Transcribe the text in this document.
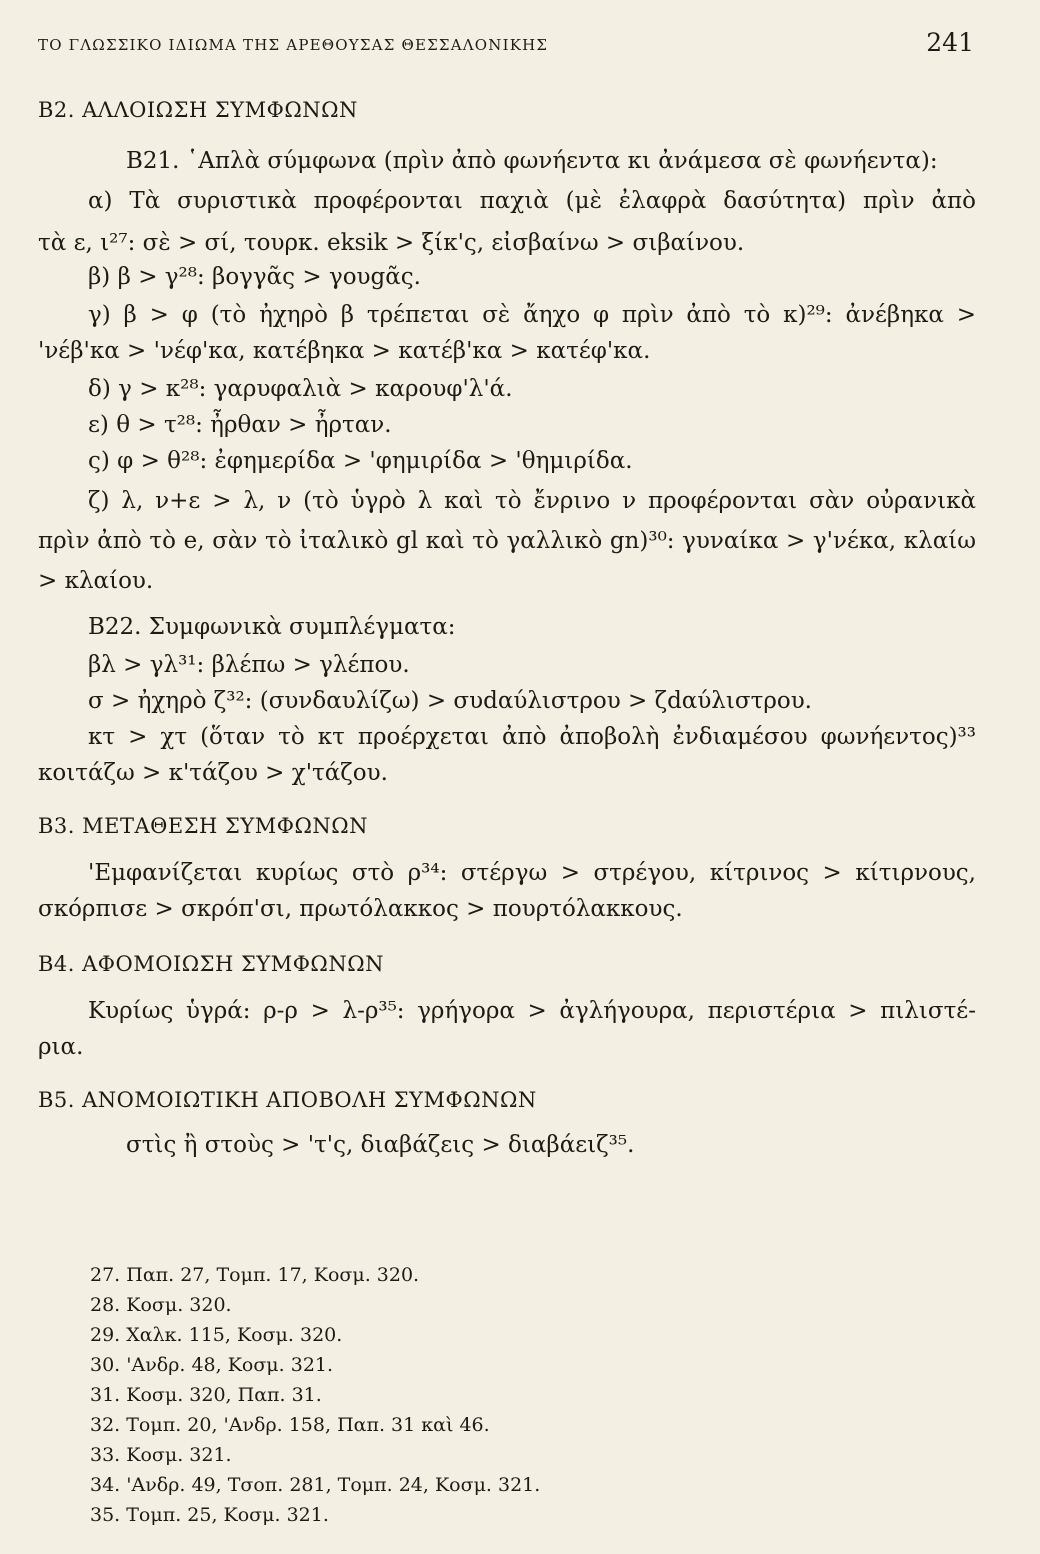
ΤΟ ΓΛΩΣΣΙΚΟ ΙΔΙΩΜΑ ΤΗΣ ΑΡΕΘΟΥΣΑΣ ΘΕΣΣΑΛΟΝΙΚΗΣ	241
Β2. ΑΛΛΟΙΩΣΗ ΣΥΜΦΩΝΩΝ
Β21. ῾Απλὰ σύμφωνα (πρὶν ἀπὸ φωνήεντα κι ἀνάμεσα σὲ φωνήεντα):
α) Τὰ συριστικὰ προφέρονται παχιὰ (μὲ ἐλαφρὰ δασύτητα) πρὶν ἀπὸ
τὰ ε, ι²⁷: σὲ > σί, τουρκ. eksik > ξίκ'ς, εἰσβαίνω > σιβαίνου.
β) β > γ²⁸: βογγᾶς > γουgᾶς.
γ) β > φ (τὸ ἠχηρὸ β τρέπεται σὲ ἄηχο φ πρὶν ἀπὸ τὸ κ)²⁹: ἀνέβηκα >
'νέβ'κα > 'νέφ'κα, κατέβηκα > κατέβ'κα > κατέφ'κα.
δ) γ > κ²⁸: γαρυφαλιὰ > καρουφ'λ'ά.
ε) θ > τ²⁸: ἦρθαν > ἦρταν.
ς) φ > θ²⁸: ἐφημερίδα > 'φημιρίδα > 'θημιρίδα.
ζ) λ, ν+ε > λ, ν (τὸ ὑγρὸ λ καὶ τὸ ἔνρινο ν προφέρονται σὰν οὐρανικὰ
πρὶν ἀπὸ τὸ e, σὰν τὸ ἰταλικὸ gl καὶ τὸ γαλλικὸ gn)³⁰: γυναίκα > γ'νέκα, κλαίω
> κλαίου.
Β22. Συμφωνικὰ συμπλέγματα:
βλ > γλ³¹: βλέπω > γλέπου.
σ > ἠχηρὸ ζ³²: (συνδαυλίζω) > συdαύλιστρου > ζdαύλιστρου.
κτ > χτ (ὅταν τὸ κτ προέρχεται ἀπὸ ἀποβολὴ ἐνδιαμέσου φωνήεντος)³³
κοιτάζω > κ'τάζου > χ'τάζου.
Β3. ΜΕΤΑΘΕΣΗ ΣΥΜΦΩΝΩΝ
'Εμφανίζεται κυρίως στὸ ρ³⁴: στέργω > στρέγου, κίτρινος > κίτιρνους,
σκόρπισε > σκρόπ'σι, πρωτόλακκος > πουρτόλακκους.
Β4. ΑΦΟΜΟΙΩΣΗ ΣΥΜΦΩΝΩΝ
Κυρίως ὑγρά: ρ-ρ > λ-ρ³⁵: γρήγορα > ἀγλήγουρα, περιστέρια > πιλιστέ-
ρια.
Β5. ΑΝΟΜΟΙΩΤΙΚΗ ΑΠΟΒΟΛΗ ΣΥΜΦΩΝΩΝ
στὶς ἢ στοὺς > 'τ'ς, διαβάζεις > διαβάειζ³⁵.
27. Παπ. 27, Τομπ. 17, Κοσμ. 320.
28. Κοσμ. 320.
29. Χαλκ. 115, Κοσμ. 320.
30. 'Ανδρ. 48, Κοσμ. 321.
31. Κοσμ. 320, Παπ. 31.
32. Τομπ. 20, 'Ανδρ. 158, Παπ. 31 καὶ 46.
33. Κοσμ. 321.
34. 'Ανδρ. 49, Τσοπ. 281, Τομπ. 24, Κοσμ. 321.
35. Τομπ. 25, Κοσμ. 321.
